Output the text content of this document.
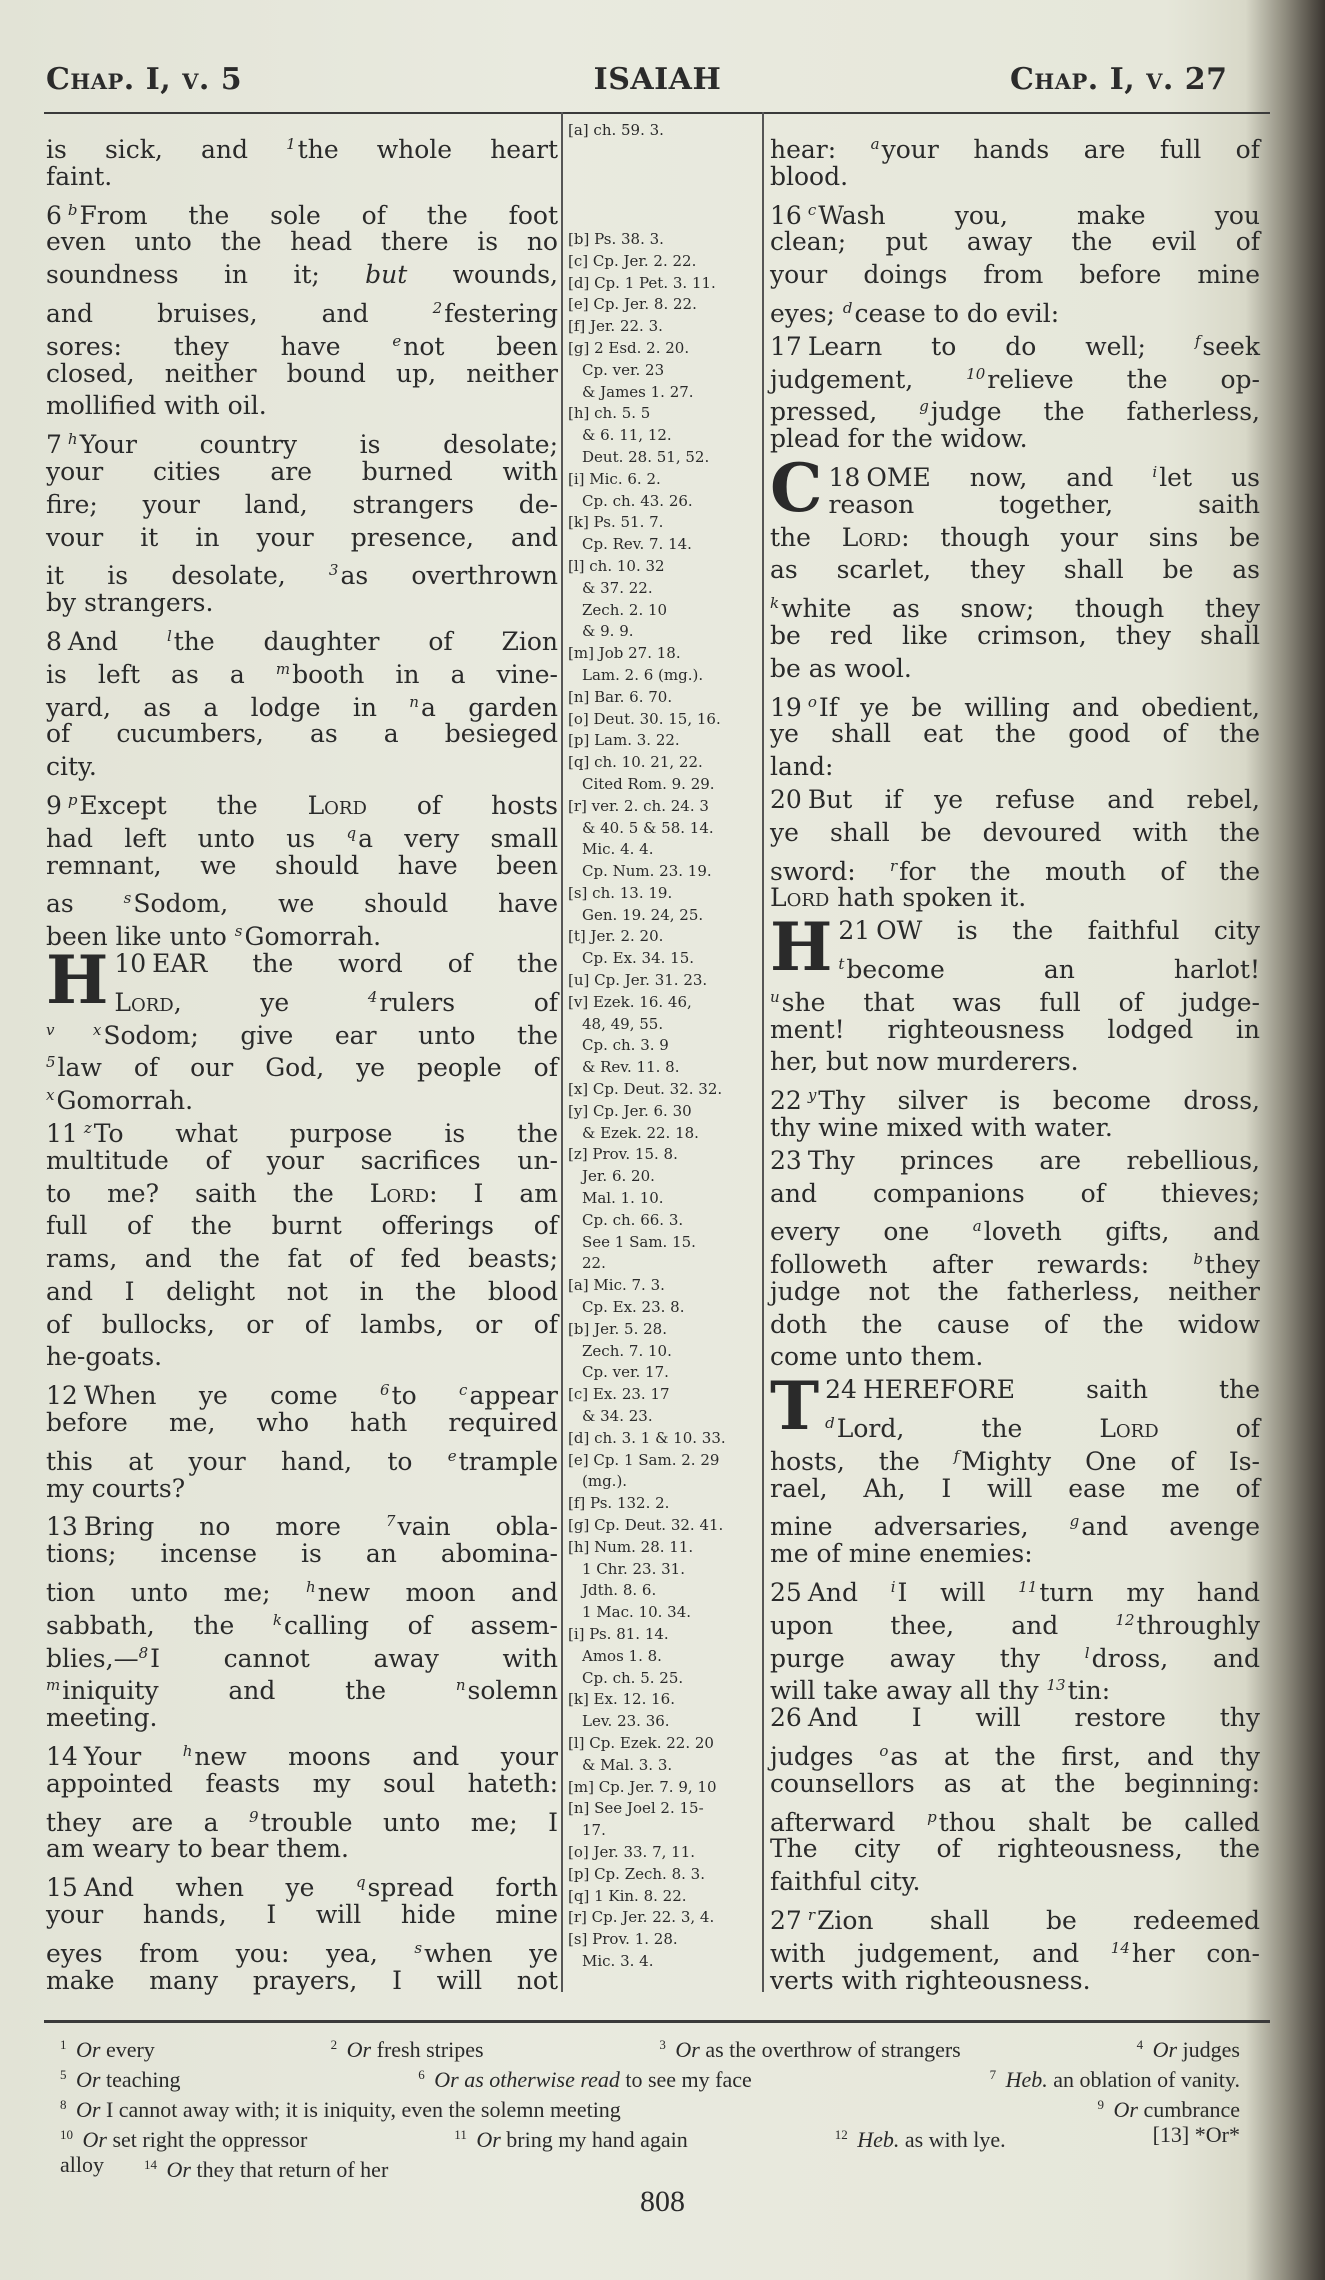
Chap. I, v. 5	ISAIAH	Chap. I, v. 27
is sick, and $^1$the whole heart
faint.
6 $^b$From the sole of the foot
even unto the head there is no
soundness in it; but wounds,
and bruises, and $^2$festering
sores: they have $^e$not been
closed, neither bound up, neither
mollified with oil.
7 $^h$Your country is desolate;
your cities are burned with
fire; your land, strangers de-
vour it in your presence, and
it is desolate, $^3$as overthrown
by strangers.
8 And $^l$the daughter of Zion
is left as a $^m$booth in a vine-
yard, as a lodge in $^n$a garden
of cucumbers, as a besieged
city.
9 $^p$Except the Lord of hosts
had left unto us $^q$a very small
remnant, we should have been
as $^s$Sodom, we should have
been like unto $^s$Gomorrah.
10
H EAR the word of the
Lord, ye $^4$rulers of
$^{v x}$Sodom; give ear unto the
$^5$law of our God, ye people of
$^x$Gomorrah.
11 $^z$To what purpose is the
multitude of your sacrifices un-
to me? saith the Lord: I am
full of the burnt offerings of
rams, and the fat of fed beasts;
and I delight not in the blood
of bullocks, or of lambs, or of
he-goats.
12 When ye come $^6$to $^c$appear
before me, who hath required
this at your hand, to $^e$trample
my courts?
13 Bring no more $^7$vain obla-
tions; incense is an abomina-
tion unto me; $^h$new moon and
sabbath, the $^k$calling of assem-
blies,—$^8$I cannot away with
$^m$iniquity and the $^n$solemn
meeting.
14 Your $^h$new moons and your
appointed feasts my soul hateth:
they are a $^9$trouble unto me; I
am weary to bear them.
15 And when ye $^q$spread forth
your hands, I will hide mine
eyes from you: yea, $^s$when ye
make many prayers, I will not
[a] ch. 59. 3.
[b] Ps. 38. 3.
[c] Cp. Jer. 2. 22.
[d] Cp. 1 Pet. 3. 11.
[e] Cp. Jer. 8. 22.
[f] Jer. 22. 3.
[g] 2 Esd. 2. 20.
Cp. ver. 23
& James 1. 27.
[h] ch. 5. 5
& 6. 11, 12.
Deut. 28. 51, 52.
[i] Mic. 6. 2.
Cp. ch. 43. 26.
[k] Ps. 51. 7.
Cp. Rev. 7. 14.
[l] ch. 10. 32
& 37. 22.
Zech. 2. 10
& 9. 9.
[m] Job 27. 18.
Lam. 2. 6 (mg.).
[n] Bar. 6. 70.
[o] Deut. 30. 15, 16.
[p] Lam. 3. 22.
[q] ch. 10. 21, 22.
Cited Rom. 9. 29.
[r] ver. 2. ch. 24. 3
& 40. 5 & 58. 14.
Mic. 4. 4.
Cp. Num. 23. 19.
[s] ch. 13. 19.
Gen. 19. 24, 25.
[t] Jer. 2. 20.
Cp. Ex. 34. 15.
[u] Cp. Jer. 31. 23.
[v] Ezek. 16. 46,
48, 49, 55.
Cp. ch. 3. 9
& Rev. 11. 8.
[x] Cp. Deut. 32. 32.
[y] Cp. Jer. 6. 30
& Ezek. 22. 18.
[z] Prov. 15. 8.
Jer. 6. 20.
Mal. 1. 10.
Cp. ch. 66. 3.
See 1 Sam. 15.
22.
[a] Mic. 7. 3.
Cp. Ex. 23. 8.
[b] Jer. 5. 28.
Zech. 7. 10.
Cp. ver. 17.
[c] Ex. 23. 17
& 34. 23.
[d] ch. 3. 1 & 10. 33.
[e] Cp. 1 Sam. 2. 29
(mg.).
[f] Ps. 132. 2.
[g] Cp. Deut. 32. 41.
[h] Num. 28. 11.
1 Chr. 23. 31.
Jdth. 8. 6.
1 Mac. 10. 34.
[i] Ps. 81. 14.
Amos 1. 8.
Cp. ch. 5. 25.
[k] Ex. 12. 16.
Lev. 23. 36.
[l] Cp. Ezek. 22. 20
& Mal. 3. 3.
[m] Cp. Jer. 7. 9, 10
[n] See Joel 2. 15-
17.
[o] Jer. 33. 7, 11.
[p] Cp. Zech. 8. 3.
[q] 1 Kin. 8. 22.
[r] Cp. Jer. 22. 3, 4.
[s] Prov. 1. 28.
Mic. 3. 4.
hear: $^a$your hands are full of
blood.
16 $^c$Wash you, make you
clean; put away the evil of
your doings from before mine
eyes; $^d$cease to do evil:
17 Learn to do well; $^f$seek
judgement, $^{10}$relieve the op-
pressed, $^g$judge the fatherless,
plead for the widow.
18
C OME now, and $^i$let us
reason together, saith
the Lord: though your sins be
as scarlet, they shall be as
$^k$white as snow; though they
be red like crimson, they shall
be as wool.
19 $^o$If ye be willing and obedient,
ye shall eat the good of the
land:
20 But if ye refuse and rebel,
ye shall be devoured with the
sword: $^r$for the mouth of the
Lord hath spoken it.
21
H OW is the faithful city
$^t$become an harlot!
$^u$she that was full of judge-
ment! righteousness lodged in
her, but now murderers.
22 $^y$Thy silver is become dross,
thy wine mixed with water.
23 Thy princes are rebellious,
and companions of thieves;
every one $^a$loveth gifts, and
followeth after rewards: $^b$they
judge not the fatherless, neither
doth the cause of the widow
come unto them.
24
T HEREFORE saith the
$^d$Lord, the Lord of
hosts, the $^f$Mighty One of Is-
rael, Ah, I will ease me of
mine adversaries, $^g$and avenge
me of mine enemies:
25 And $^i$I will $^{11}$turn my hand
upon thee, and $^{12}$throughly
purge away thy $^l$dross, and
will take away all thy $^{13}$tin:
26 And I will restore thy
judges $^o$as at the first, and thy
counsellors as at the beginning:
afterward $^p$thou shalt be called
The city of righteousness, the
faithful city.
27 $^r$Zion shall be redeemed
with judgement, and $^{14}$her con-
verts with righteousness.
$^1$ Or every	$^2$ Or fresh stripes	$^3$ Or as the overthrow of strangers	$^4$ Or judges
$^5$ Or teaching	$^6$ Or as otherwise read to see my face	$^7$ Heb. an oblation of vanity.
$^8$ Or I cannot away with; it is iniquity, even the solemn meeting	$^9$ Or cumbrance
$^{10}$ Or set right the oppressor	$^{11}$ Or bring my hand again	$^{12}$ Heb. as with lye.	[13] *Or*
alloy	$^{14}$ Or they that return of her
808
